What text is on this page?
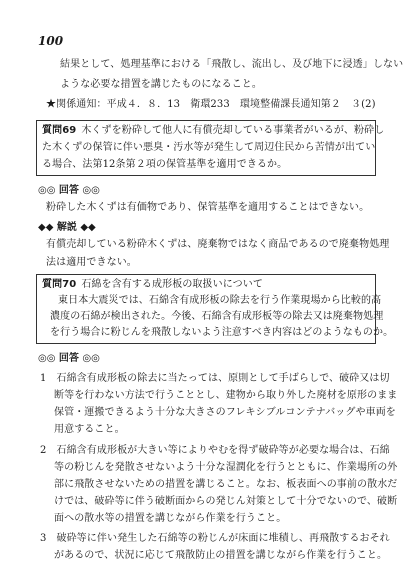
100
結果として、処理基準における「飛散し、流出し、及び地下に浸透」しない
ような必要な措置を講じたものになること。
★関係通知：平成４．８．13　衛環233　環境整備課長通知第２　３(2)
質問69 木くずを粉砕して他人に有償売却している事業者がいるが、粉砕し
た木くずの保管に伴い悪臭・汚水等が発生して周辺住民から苦情が出てい
る場合、法第12条第２項の保管基準を適用できるか。
◎◎ 回答 ◎◎
粉砕した木くずは有価物であり、保管基準を適用することはできない。
◆◆ 解説 ◆◆
有償売却している粉砕木くずは、廃棄物ではなく商品であるので廃棄物処理
法は適用できない。
質問70 石綿を含有する成形板の取扱いについて
東日本大震災では、石綿含有成形板の除去を行う作業現場から比較的高
濃度の石綿が検出された。今後、石綿含有成形板等の除去又は廃棄物処理
を行う場合に粉じんを飛散しないよう注意すべき内容はどのようなものか。
◎◎ 回答 ◎◎
1 石綿含有成形板の除去に当たっては、原則として手ばらしで、破砕又は切
断等を行わない方法で行うこととし、建物から取り外した廃材を原形のまま
保管・運搬できるよう十分な大きさのフレキシブルコンテナバッグや車両を
用意すること。
2 石綿含有成形板が大きい等によりやむを得ず破砕等が必要な場合は、石綿
等の粉じんを発散させないよう十分な湿潤化を行うとともに、作業場所の外
部に飛散させないための措置を講じること。なお、板表面への事前の散水だ
けでは、破砕等に伴う破断面からの発じん対策として十分でないので、破断
面への散水等の措置を講じながら作業を行うこと。
3 破砕等に伴い発生した石綿等の粉じんが床面に堆積し、再飛散するおそれ
があるので、状況に応じて飛散防止の措置を講じながら作業を行うこと。
